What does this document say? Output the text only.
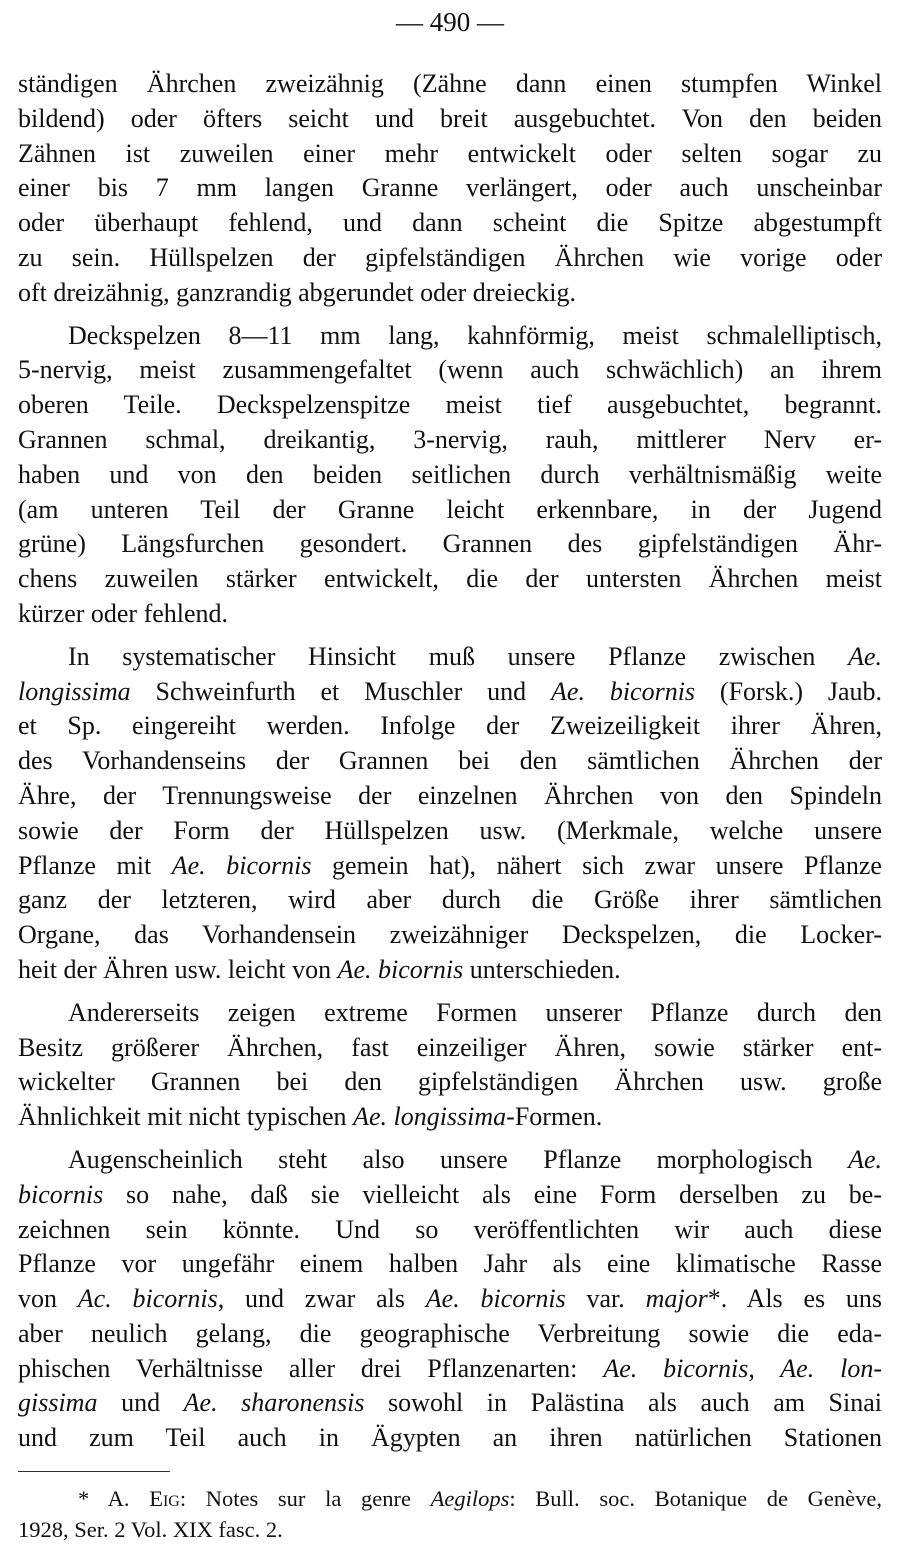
— 490 —
ständigen Ährchen zweizähnig (Zähne dann einen stumpfen Winkel
bildend) oder öfters seicht und breit ausgebuchtet. Von den beiden
Zähnen ist zuweilen einer mehr entwickelt oder selten sogar zu
einer bis 7 mm langen Granne verlängert, oder auch unscheinbar
oder überhaupt fehlend, und dann scheint die Spitze abgestumpft
zu sein. Hüllspelzen der gipfelständigen Ährchen wie vorige oder
oft dreizähnig, ganzrandig abgerundet oder dreieckig.
Deckspelzen 8—11 mm lang, kahnförmig, meist schmalelliptisch,
5-nervig, meist zusammengefaltet (wenn auch schwächlich) an ihrem
oberen Teile. Deckspelzenspitze meist tief ausgebuchtet, begrannt.
Grannen schmal, dreikantig, 3-nervig, rauh, mittlerer Nerv er-
haben und von den beiden seitlichen durch verhältnismäßig weite
(am unteren Teil der Granne leicht erkennbare, in der Jugend
grüne) Längsfurchen gesondert. Grannen des gipfelständigen Ähr-
chens zuweilen stärker entwickelt, die der untersten Ährchen meist
kürzer oder fehlend.
In systematischer Hinsicht muß unsere Pflanze zwischen Ae.
longissima Schweinfurth et Muschler und Ae. bicornis (Forsk.) Jaub.
et Sp. eingereiht werden. Infolge der Zweizeiligkeit ihrer Ähren,
des Vorhandenseins der Grannen bei den sämtlichen Ährchen der
Ähre, der Trennungsweise der einzelnen Ährchen von den Spindeln
sowie der Form der Hüllspelzen usw. (Merkmale, welche unsere
Pflanze mit Ae. bicornis gemein hat), nähert sich zwar unsere Pflanze
ganz der letzteren, wird aber durch die Größe ihrer sämtlichen
Organe, das Vorhandensein zweizähniger Deckspelzen, die Locker-
heit der Ähren usw. leicht von Ae. bicornis unterschieden.
Andererseits zeigen extreme Formen unserer Pflanze durch den
Besitz größerer Ährchen, fast einzeiliger Ähren, sowie stärker ent-
wickelter Grannen bei den gipfelständigen Ährchen usw. große
Ähnlichkeit mit nicht typischen Ae. longissima-Formen.
Augenscheinlich steht also unsere Pflanze morphologisch Ae.
bicornis so nahe, daß sie vielleicht als eine Form derselben zu be-
zeichnen sein könnte. Und so veröffentlichten wir auch diese
Pflanze vor ungefähr einem halben Jahr als eine klimatische Rasse
von Ac. bicornis, und zwar als Ae. bicornis var. major*. Als es uns
aber neulich gelang, die geographische Verbreitung sowie die eda-
phischen Verhältnisse aller drei Pflanzenarten: Ae. bicornis, Ae. lon-
gissima und Ae. sharonensis sowohl in Palästina als auch am Sinai
und zum Teil auch in Ägypten an ihren natürlichen Stationen
* A. Eig: Notes sur la genre Aegilops: Bull. soc. Botanique de Genève,
1928, Ser. 2 Vol. XIX fasc. 2.
